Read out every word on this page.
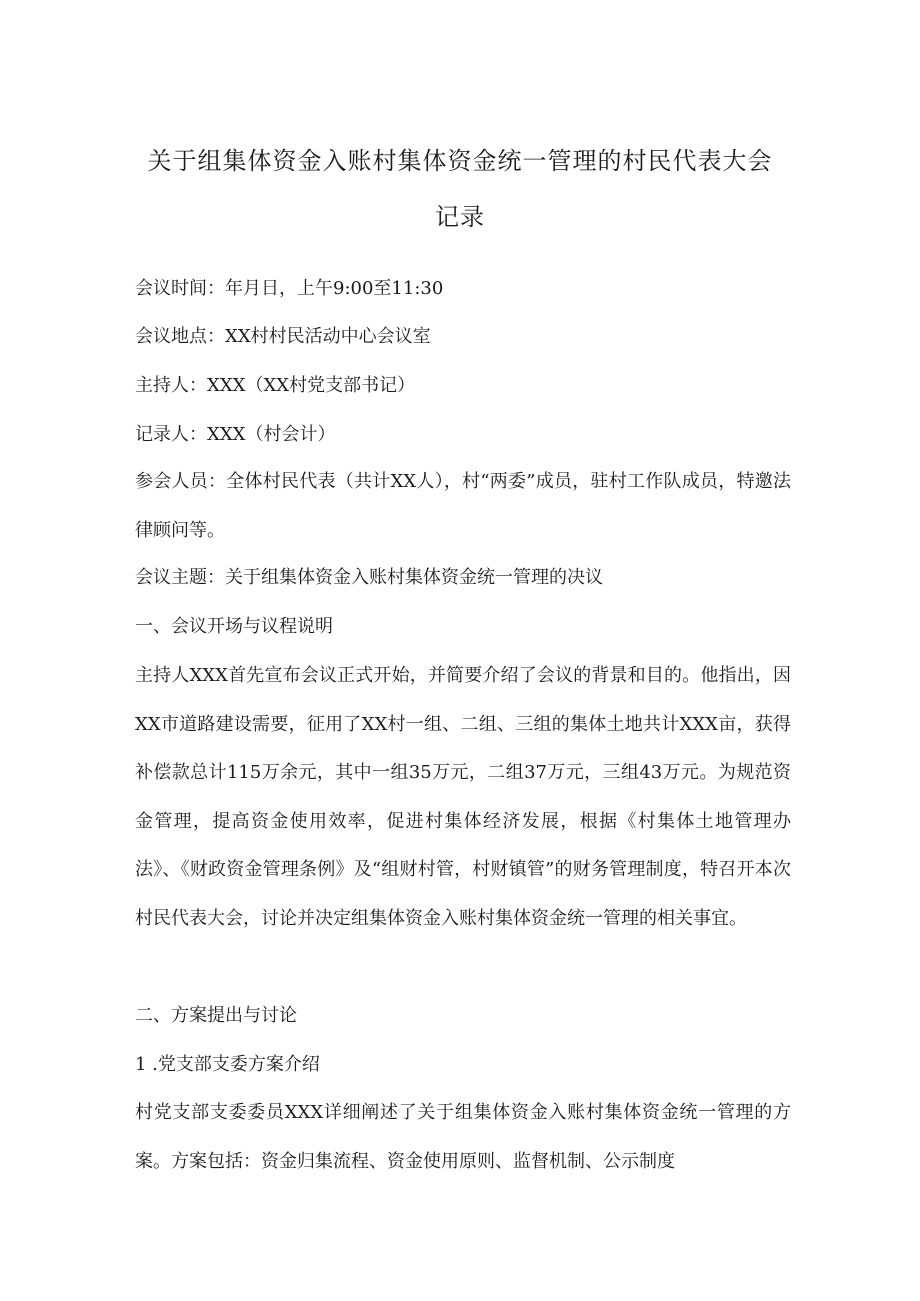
关于组集体资金入账村集体资金统一管理的村民代表大会
记录

会议时间：年月日，上午9:00至11:30

会议地点：XX村村民活动中心会议室

主持人：XXX（XX村党支部书记）

记录人：XXX（村会计）

参会人员：全体村民代表（共计XX人），村“两委”成员，驻村工作队成员，特邀法律顾问等。

会议主题：关于组集体资金入账村集体资金统一管理的决议

一、会议开场与议程说明

主持人XXX首先宣布会议正式开始，并简要介绍了会议的背景和目的。他指出，因XX市道路建设需要，征用了XX村一组、二组、三组的集体土地共计XXX亩，获得补偿款总计115万余元，其中一组35万元，二组37万元，三组43万元。为规范资金管理，提高资金使用效率，促进村集体经济发展，根据《村集体土地管理办法》、《财政资金管理条例》及“组财村管，村财镇管”的财务管理制度，特召开本次村民代表大会，讨论并决定组集体资金入账村集体资金统一管理的相关事宜。

二、方案提出与讨论

1 .党支部支委方案介绍

村党支部支委委员XXX详细阐述了关于组集体资金入账村集体资金统一管理的方案。方案包括：资金归集流程、资金使用原则、监督机制、公示制度
